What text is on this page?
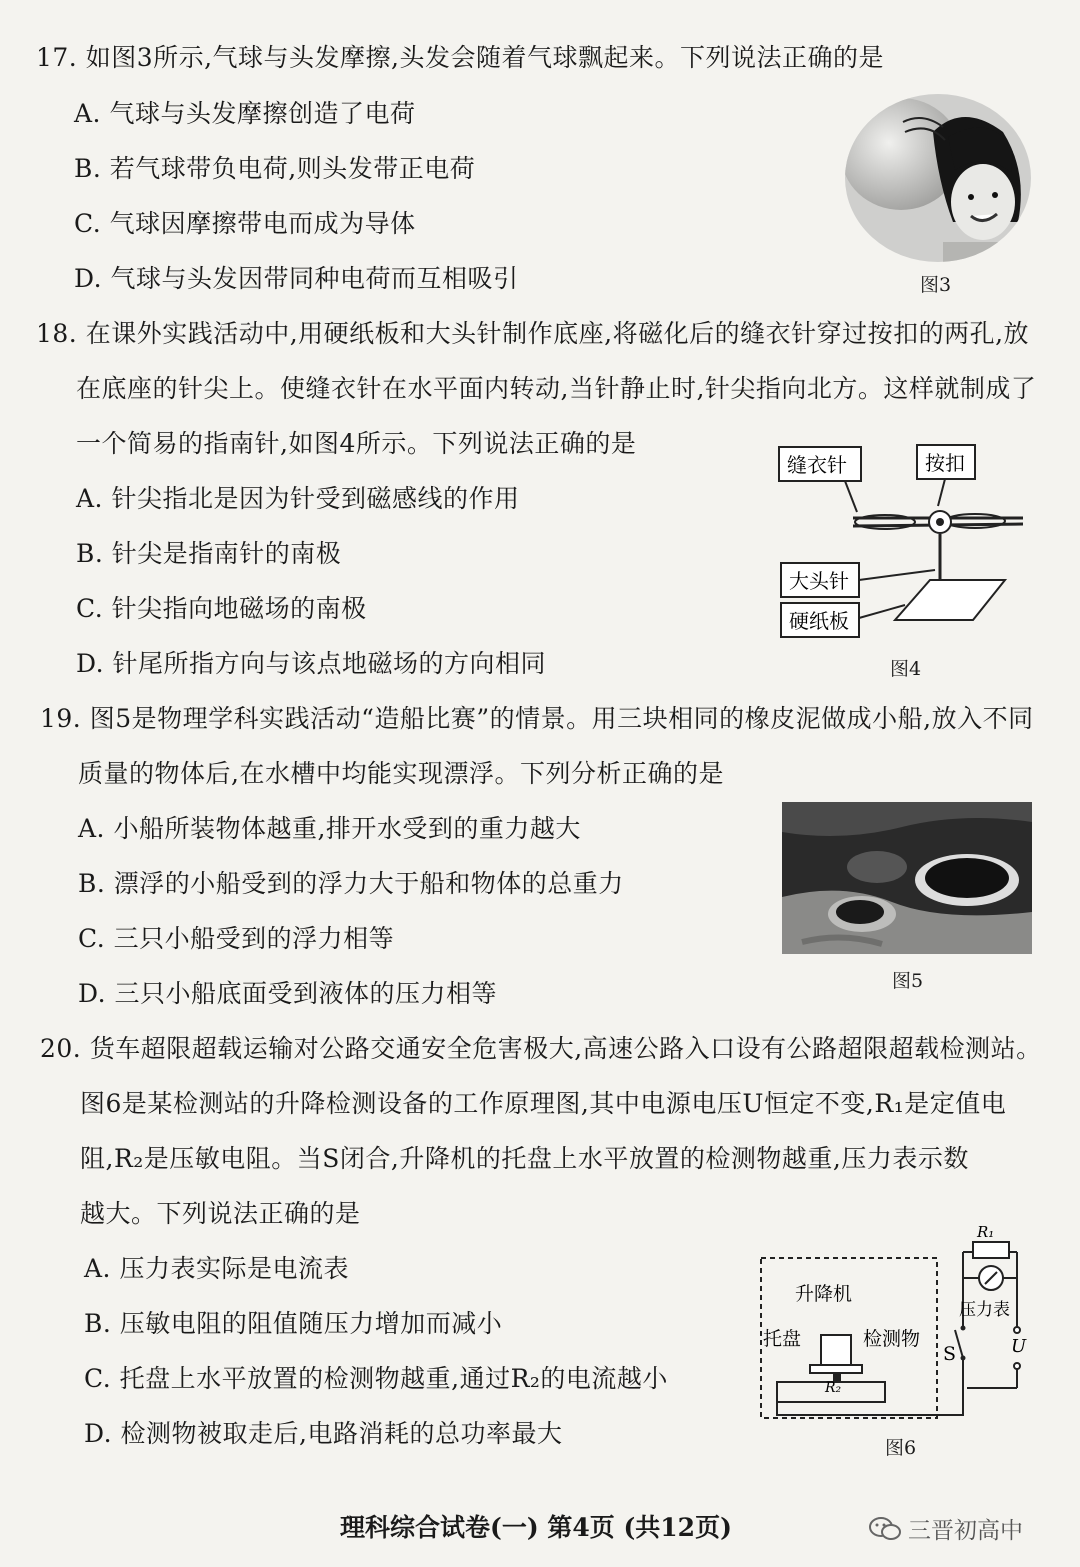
17. 如图3所示,气球与头发摩擦,头发会随着气球飘起来。下列说法正确的是
A. 气球与头发摩擦创造了电荷
B. 若气球带负电荷,则头发带正电荷
C. 气球因摩擦带电而成为导体
D. 气球与头发因带同种电荷而互相吸引	图3
18. 在课外实践活动中,用硬纸板和大头针制作底座,将磁化后的缝衣针穿过按扣的两孔,放
在底座的针尖上。使缝衣针在水平面内转动,当针静止时,针尖指向北方。这样就制成了
一个简易的指南针,如图4所示。下列说法正确的是
A. 针尖指北是因为针受到磁感线的作用
B. 针尖是指南针的南极
C. 针尖指向地磁场的南极
D. 针尾所指方向与该点地磁场的方向相同
缝衣针	按扣
大头针
硬纸板
图4
19. 图5是物理学科实践活动“造船比赛”的情景。用三块相同的橡皮泥做成小船,放入不同
质量的物体后,在水槽中均能实现漂浮。下列分析正确的是
A. 小船所装物体越重,排开水受到的重力越大
B. 漂浮的小船受到的浮力大于船和物体的总重力
C. 三只小船受到的浮力相等
D. 三只小船底面受到液体的压力相等	图5
20. 货车超限超载运输对公路交通安全危害极大,高速公路入口设有公路超限超载检测站。
图6是某检测站的升降检测设备的工作原理图,其中电源电压U恒定不变,R₁是定值电
阻,R₂是压敏电阻。当S闭合,升降机的托盘上水平放置的检测物越重,压力表示数
越大。下列说法正确的是
A. 压力表实际是电流表
B. 压敏电阻的阻值随压力增加而减小
C. 托盘上水平放置的检测物越重,通过R₂的电流越小
D. 检测物被取走后,电路消耗的总功率最大
升降机
托盘	检测物
R₂
S
R₁
压力表
U
图6
理科综合试卷(一) 第4页 (共12页)	三晋初高中
